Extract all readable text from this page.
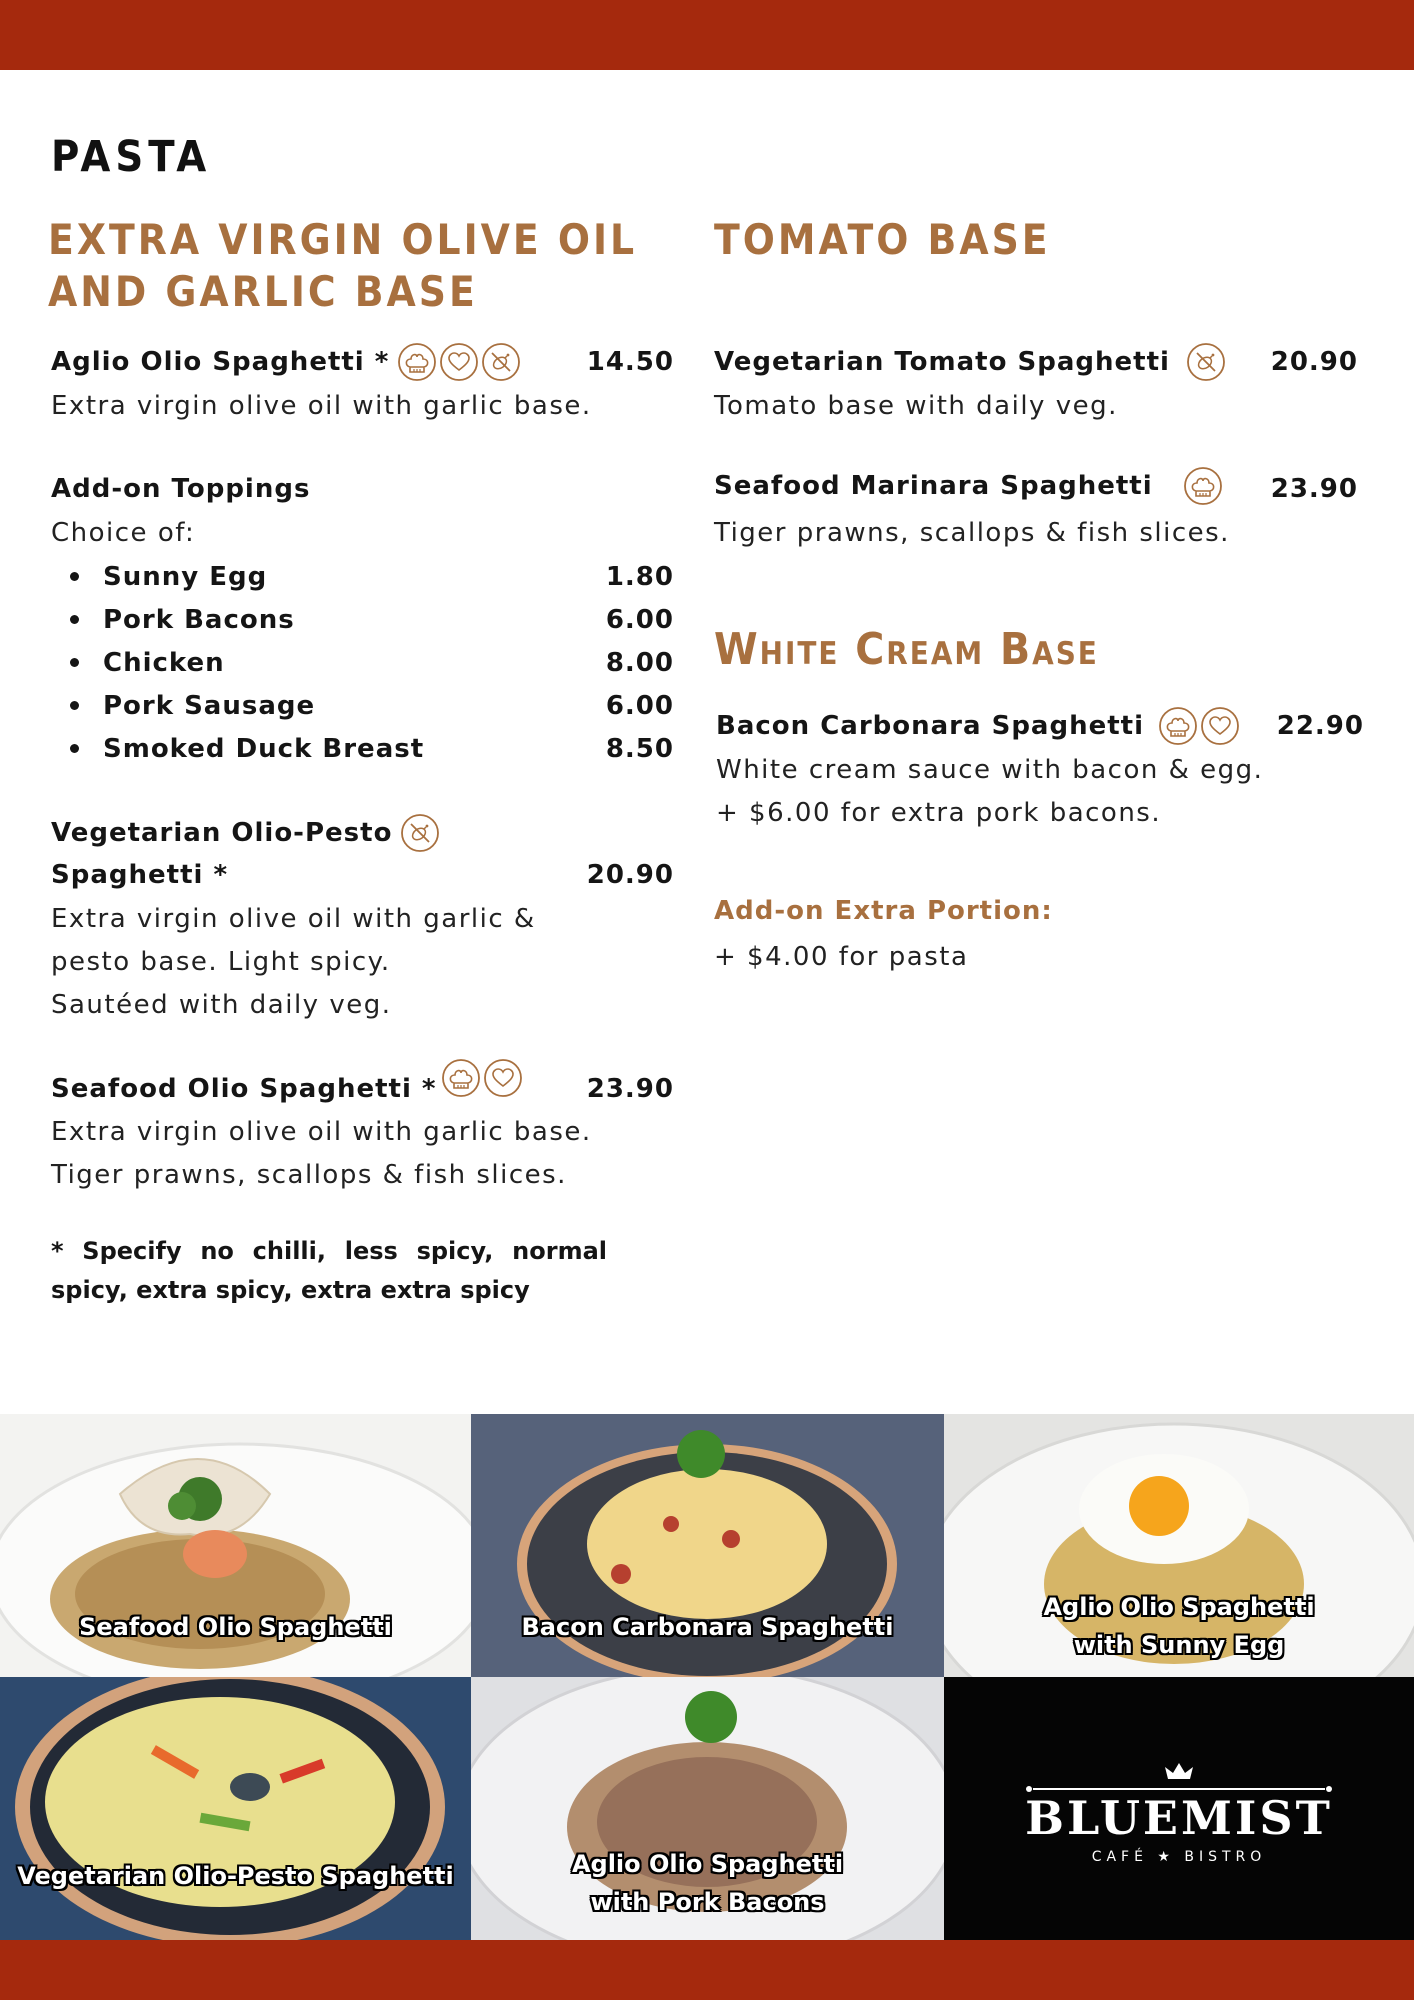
PASTA
EXTRA VIRGIN OLIVE OIL
AND GARLIC BASE
Aglio Olio Spaghetti *	14.50
Extra virgin olive oil with garlic base.
Add-on Toppings
Choice of:
Sunny Egg	1.80
Pork Bacons	6.00
Chicken	8.00
Pork Sausage	6.00
Smoked Duck Breast	8.50
Vegetarian Olio-Pesto
Spaghetti *	20.90
Extra virgin olive oil with garlic &
pesto base. Light spicy.
Sautéed with daily veg.
Seafood Olio Spaghetti *	23.90
Extra virgin olive oil with garlic base.
Tiger prawns, scallops & fish slices.
* Specify no chilli, less spicy, normal spicy, extra spicy, extra extra spicy
TOMATO BASE
Vegetarian Tomato Spaghetti	20.90
Tomato base with daily veg.
Seafood Marinara Spaghetti	23.90
Tiger prawns, scallops & fish slices.
White Cream Base
Bacon Carbonara Spaghetti	22.90
White cream sauce with bacon & egg.
+ $6.00 for extra pork bacons.
Add-on Extra Portion:
+ $4.00 for pasta
Seafood Olio Spaghetti	Bacon Carbonara Spaghetti
Aglio Olio Spaghetti
with Sunny Egg
Vegetarian Olio-Pesto Spaghetti	Aglio Olio Spaghetti
with Pork Bacons
BLUEMIST
CAFÉ ★ BISTRO
